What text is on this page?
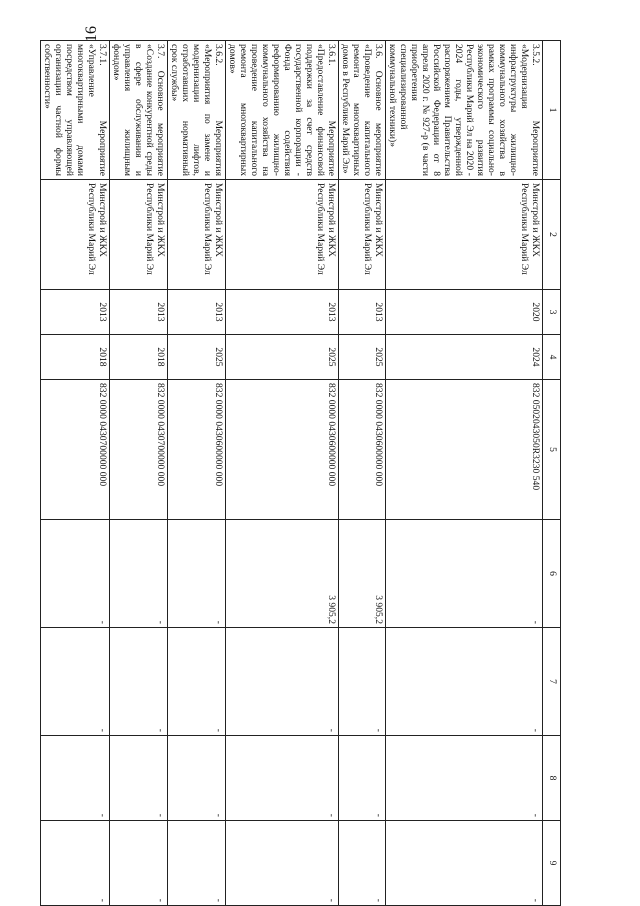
16
1	2	3	4	5	6	7	8	9
3.5.2. Мероприятие «Модернизация инфраструктуры жилищно-коммунального хозяйства в рамках программы социально-экономического развития Республики Марий Эл на 2020 - 2024 годы, утвержденной распоряжением Правительства Российской Федерации от 8 апреля 2020 г. № 927-р (в части приобретения специализированной коммунальной техники)»	Минстрой и ЖКХ Республики Марий Эл	2020	2024	832 0502043050R3230 540	-	-	-	-
3.6. Основное мероприятие «Проведение капитального ремонта многоквартирных домов в Республике Марий Эл»	Минстрой и ЖКХ Республики Марий Эл	2013	2025	832 0000 0430600000 000	3 905,2	-	-	-
3.6.1. Мероприятие «Предоставление финансовой поддержки за счет средств государственной корпорации - Фонда содействия реформированию жилищно-коммунального хозяйства на проведение капитального ремонта многоквартирных домов»	Минстрой и ЖКХ Республики Марий Эл	2013	2025	832 0000 0430600000 000	3 905,2	-	-	-
3.6.2. Мероприятия «Мероприятия по замене и модернизации лифтов, отработавших нормативный срок службы»	Минстрой и ЖКХ Республики Марий Эл	2013	2025	832 0000 0430600000 000	-	-	-	-
3.7. Основное мероприятие «Создание конкурентной среды в сфере обслуживания и управления жилищным фондом»	Минстрой и ЖКХ Республики Марий Эл	2013	2018	832 0000 0430700000 000	-	-	-	-
3.7.1. Мероприятие «Управление многоквартирными домами посредством управляющей организации частной формы собственности»	Минстрой и ЖКХ Республики Марий Эл	2013	2018	832 0000 0430700000 000	-	-	-	-
